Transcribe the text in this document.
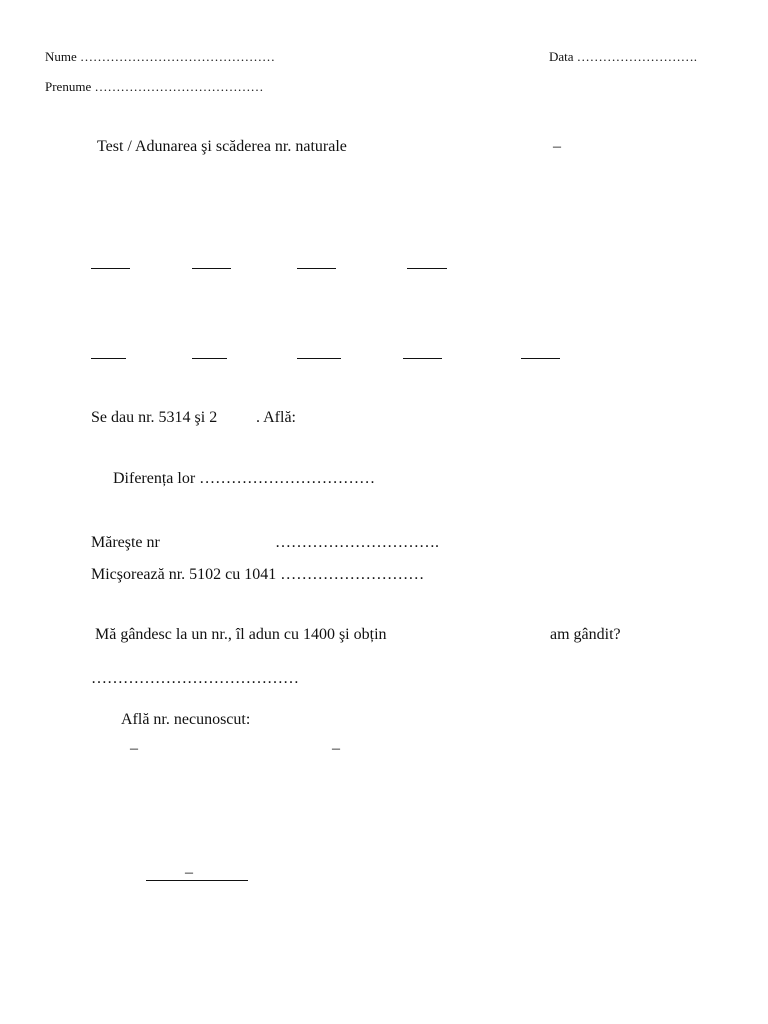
Nume ………………………………………	Data ……………………….
Prenume …………………………………
Test / Adunarea şi scăderea nr. naturale	–
Se dau nr. 5314 şi 2 . Află:
Diferența lor ……………………………
Măreşte nr	………………………….
Micşorează nr. 5102 cu 1041 ………………………
Mă gândesc la un nr., îl adun cu 1400 şi obțin	am gândit?
…………………………………
Află nr. necunoscut:
–	–
–
